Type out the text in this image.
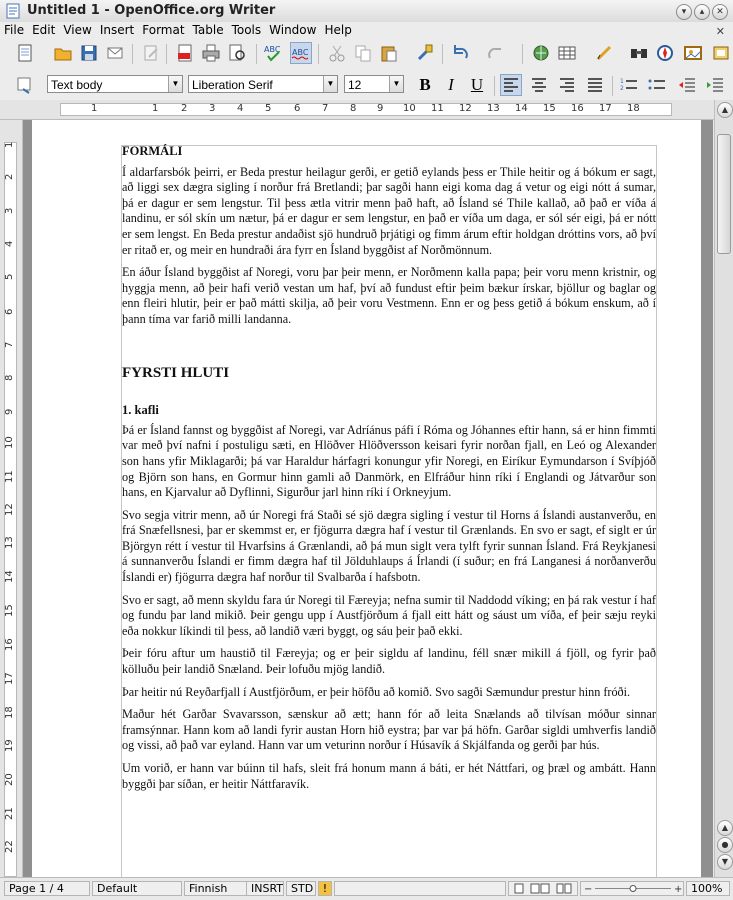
Untitled 1 - OpenOffice.org Writer	▾	▴	✕
File Edit View Insert Format Table Tools Window Help	✕
ABC ABC
Text body	▼	Liberation Serif	▼	12	▼	B	I	U	1
2
1	1 2 3 4 5 6 7 8 9 10 11 12 13 14 15 16 17 18
1
2
3
4
5
6
7
8
9
10
11
12
13
14
15
16
17
18
19
20
21
22
FORMÁLI

Í aldarfarsbók þeirri, er Beda prestur heilagur gerði, er getið eylands þess er Thile heitir og á bókum er sagt, að liggi sex dægra sigling í norður frá Bretlandi; þar sagði hann eigi koma dag á vetur og eigi nótt á sumar, þá er dagur er sem lengstur. Til þess ætla vitrir menn það haft, að Ísland sé Thile kallað, að það er víða á landinu, er sól skín um nætur, þá er dagur er sem lengstur, en það er víða um daga, er sól sér eigi, þá er nótt er sem lengst. En Beda prestur andaðist sjö hundruð þrjátigi og fimm árum eftir holdgan dróttins vors, að því er ritað er, og meir en hundraði ára fyrr en Ísland byggðist af Norðmönnum.

En áður Ísland byggðist af Noregi, voru þar þeir menn, er Norðmenn kalla papa; þeir voru menn kristnir, og hyggja menn, að þeir hafi verið vestan um haf, því að fundust eftir þeim bækur írskar, bjöllur og baglar og enn fleiri hlutir, þeir er það mátti skilja, að þeir voru Vestmenn. Enn er og þess getið á bókum enskum, að í þann tíma var farið milli landanna.

FYRSTI HLUTI
1. kafli

Þá er Ísland fannst og byggðist af Noregi, var Adríánus páfi í Róma og Jóhannes eftir hann, sá er hinn fimmti var með því nafni í postuligu sæti, en Hlöðver Hlöðversson keisari fyrir norðan fjall, en Leó og Alexander son hans yfir Miklagarði; þá var Haraldur hárfagri konungur yfir Noregi, en Eiríkur Eymundarson í Svíþjóð og Björn son hans, en Gormur hinn gamli að Danmörk, en Elfráður hinn ríki í Englandi og Játvarður son hans, en Kjarvalur að Dyflinni, Sigurður jarl hinn ríki í Orkneyjum.

Svo segja vitrir menn, að úr Noregi frá Staði sé sjö dægra sigling í vestur til Horns á Íslandi austanverðu, en frá Snæfellsnesi, þar er skemmst er, er fjögurra dægra haf í vestur til Grænlands. En svo er sagt, ef siglt er úr Björgyn rétt í vestur til Hvarfsins á Grænlandi, að þá mun siglt vera tylft fyrir sunnan Ísland. Frá Reykjanesi á sunnanverðu Íslandi er fimm dægra haf til Jölduhlaups á Írlandi (í suður; en frá Langanesi á norðanverðu Íslandi er) fjögurra dægra haf norður til Svalbarða í hafsbotn.

Svo er sagt, að menn skyldu fara úr Noregi til Færeyja; nefna sumir til Naddodd víking; en þá rak vestur í haf og fundu þar land mikið. Þeir gengu upp í Austfjörðum á fjall eitt hátt og sáust um víða, ef þeir sæju reyki eða nokkur líkindi til þess, að landið væri byggt, og sáu þeir það ekki.

Þeir fóru aftur um haustið til Færeyja; og er þeir sigldu af landinu, féll snær mikill á fjöll, og fyrir það kölluðu þeir landið Snæland. Þeir lofuðu mjög landið.

Þar heitir nú Reyðarfjall í Austfjörðum, er þeir höfðu að komið. Svo sagði Sæmundur prestur hinn fróði.

Maður hét Garðar Svavarsson, sænskur að ætt; hann fór að leita Snælands að tilvísan móður sinnar framsýnnar. Hann kom að landi fyrir austan Horn hið eystra; þar var þá höfn. Garðar sigldi umhverfis landið og vissi, að það var eyland. Hann var um veturinn norður í Húsavík á Skjálfanda og gerði þar hús.

Um vorið, er hann var búinn til hafs, sleit frá honum mann á báti, er hét Náttfari, og þræl og ambátt. Hann byggði þar síðan, er heitir Náttfaravík.

▲
▲
●
▼
Page 1 / 4	Default	Finnish	INSRT STD !	−	+ 100%
